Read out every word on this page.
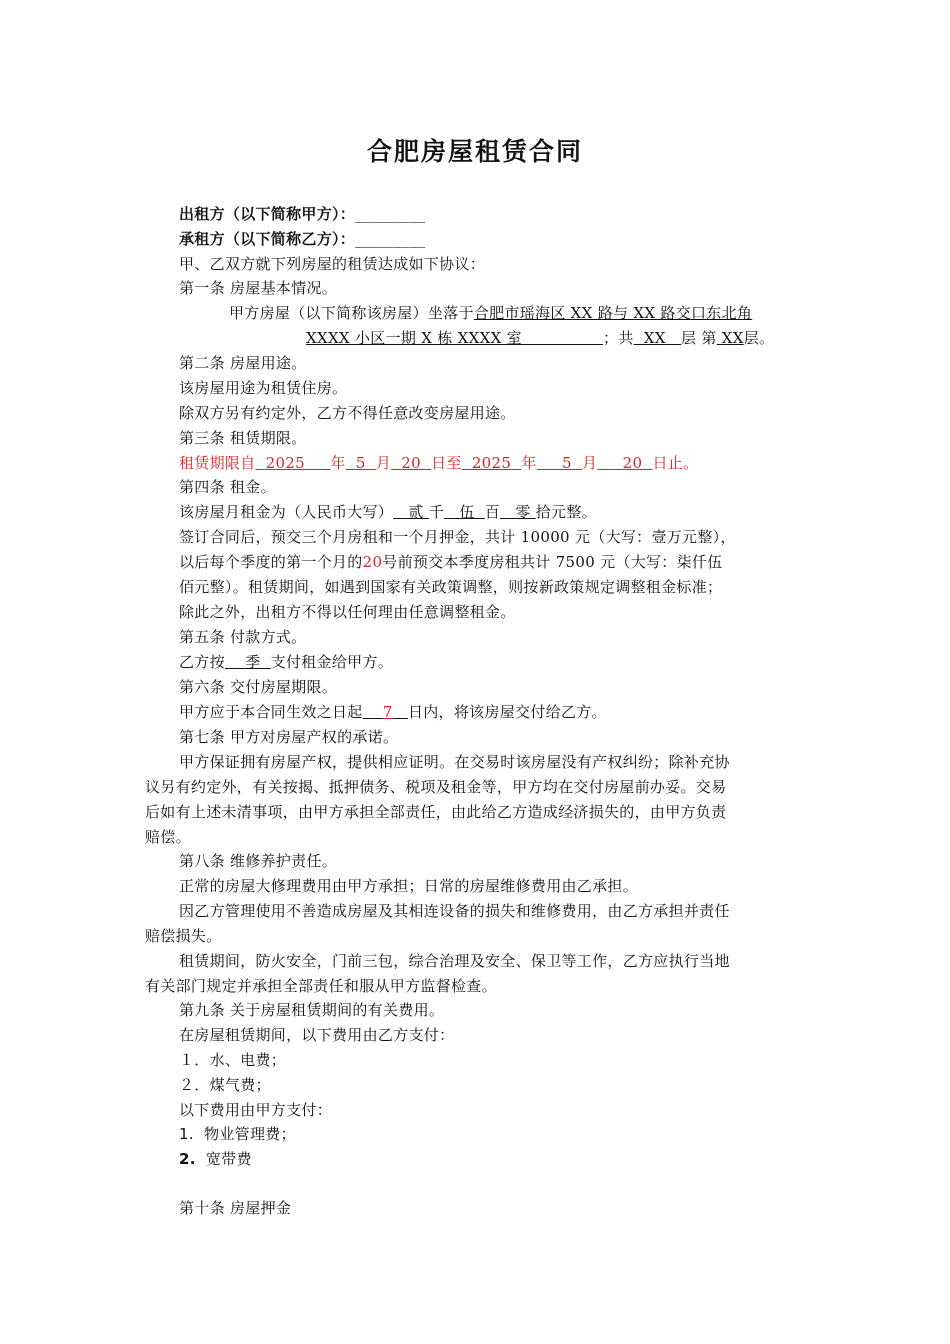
合肥房屋租赁合同
出租方（以下简称甲方）：_________
承租方（以下简称乙方）：_________
甲、乙双方就下列房屋的租赁达成如下协议：
第一条 房屋基本情况。
甲方房屋（以下简称该房屋）坐落于合肥市瑶海区 XX 路与 XX 路交口东北角
XXXX 小区一期 X 栋 XXXX 室	；共 XX 层 第 XX层。
第二条 房屋用途。
该房屋用途为租赁住房。
除双方另有约定外，乙方不得任意改变房屋用途。
第三条 租赁期限。
租赁期限自 2025 年 5 月 20 日至 2025 年 5 月 20 日止。
第四条 租金。
该房屋月租金为（人民币大写） 贰 千 伍 百 零 拾元整。
签订合同后，预交三个月房租和一个月押金，共计 10000 元（大写：壹万元整），
以后每个季度的第一个月的20号前预交本季度房租共计 7500 元（大写：柒仟伍
佰元整）。租赁期间，如遇到国家有关政策调整，则按新政策规定调整租金标准；
除此之外，出租方不得以任何理由任意调整租金。
第五条 付款方式。
乙方按 季 支付租金给甲方。
第六条 交付房屋期限。
甲方应于本合同生效之日起 7 日内，将该房屋交付给乙方。
第七条 甲方对房屋产权的承诺。
甲方保证拥有房屋产权，提供相应证明。在交易时该房屋没有产权纠纷；除补充协
议另有约定外，有关按揭、抵押债务、税项及租金等，甲方均在交付房屋前办妥。交易
后如有上述未清事项，由甲方承担全部责任，由此给乙方造成经济损失的，由甲方负责
赔偿。
第八条 维修养护责任。
正常的房屋大修理费用由甲方承担；日常的房屋维修费用由乙承担。
因乙方管理使用不善造成房屋及其相连设备的损失和维修费用，由乙方承担并责任
赔偿损失。
租赁期间，防火安全，门前三包，综合治理及安全、保卫等工作，乙方应执行当地
有关部门规定并承担全部责任和服从甲方监督检查。
第九条 关于房屋租赁期间的有关费用。
在房屋租赁期间，以下费用由乙方支付：
１．水、电费；
２．煤气费；
以下费用由甲方支付：
1. 物业管理费；
2. 宽带费
第十条 房屋押金
